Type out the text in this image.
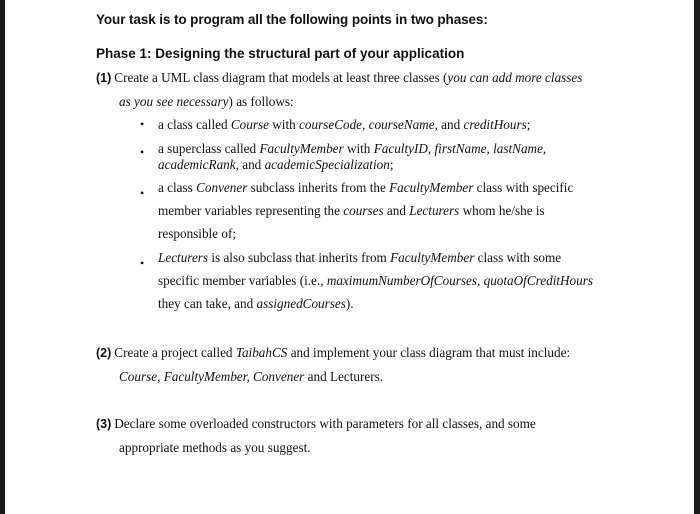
Your task is to program all the following points in two phases:
Phase 1: Designing the structural part of your application
(1) Create a UML class diagram that models at least three classes (you can add more classes
as you see necessary) as follows:
• a class called Course with courseCode, courseName, and creditHours;
• a superclass called FacultyMember with FacultyID, firstName, lastName,
academicRank, and academicSpecialization;
• a class Convener subclass inherits from the FacultyMember class with specific
member variables representing the courses and Lecturers whom he/she is
responsible of;
• Lecturers is also subclass that inherits from FacultyMember class with some
specific member variables (i.e., maximumNumberOfCourses, quotaOfCreditHours
they can take, and assignedCourses).
(2) Create a project called TaibahCS and implement your class diagram that must include:
Course, FacultyMember, Convener and Lecturers.
(3) Declare some overloaded constructors with parameters for all classes, and some
appropriate methods as you suggest.
